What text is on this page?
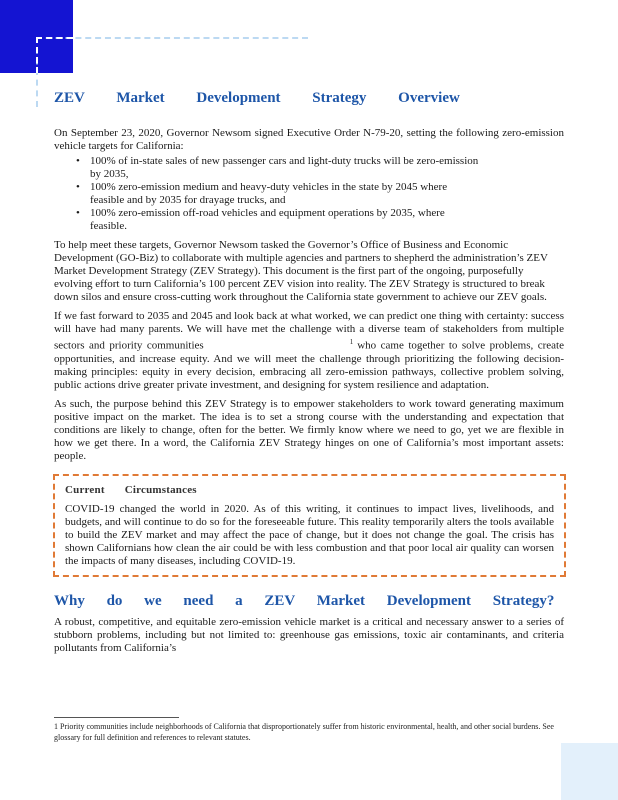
ZEV Market Development Strategy Overview

On September 23, 2020, Governor Newsom signed Executive Order N-79-20, setting the following zero-emission vehicle targets for California:

• 100% of in-state sales of new passenger cars and light-duty trucks will be zero-emission by 2035,
• 100% zero-emission medium and heavy-duty vehicles in the state by 2045 where feasible and by 2035 for drayage trucks, and
• 100% zero-emission off-road vehicles and equipment operations by 2035, where feasible.

To help meet these targets, Governor Newsom tasked the Governor’s Office of Business and Economic Development (GO-Biz) to collaborate with multiple agencies and partners to shepherd the administration’s ZEV Market Development Strategy (ZEV Strategy). This document is the first part of the ongoing, purposefully evolving effort to turn California’s 100 percent ZEV vision into reality. The ZEV Strategy is structured to break down silos and ensure cross-cutting work throughout the California state government to achieve our ZEV goals.

If we fast forward to 2035 and 2045 and look back at what worked, we can predict one thing with certainty: success will have had many parents. We will have met the challenge with a diverse team of stakeholders from multiple sectors and priority communities	$^1$ who came together to solve problems, create opportunities, and increase equity. And we will meet the challenge through prioritizing the following decision-making principles: equity in every decision, embracing all zero-emission pathways, collective problem solving, public actions drive greater private investment, and designing for system resilience and adaptation.

As such, the purpose behind this ZEV Strategy is to empower stakeholders to work toward generating maximum positive impact on the market. The idea is to set a strong course with the understanding and expectation that conditions are likely to change, often for the better. We firmly know where we need to go, yet we are flexible in how we get there. In a word, the California ZEV Strategy hinges on one of California’s most important assets: people.

Current Circumstances

COVID-19 changed the world in 2020. As of this writing, it continues to impact lives, livelihoods, and budgets, and will continue to do so for the foreseeable future. This reality temporarily alters the tools available to build the ZEV market and may affect the pace of change, but it does not change the goal. The crisis has shown Californians how clean the air could be with less combustion and that poor local air quality can worsen the impacts of many diseases, including COVID-19.

Why do we need a ZEV Market Development Strategy?

A robust, competitive, and equitable zero-emission vehicle market is a critical and necessary answer to a series of stubborn problems, including but not limited to: greenhouse gas emissions, toxic air contaminants, and criteria pollutants from California’s

1 Priority communities include neighborhoods of California that disproportionately suffer from historic environmental, health, and other social burdens. See glossary for full definition and references to relevant statutes.
